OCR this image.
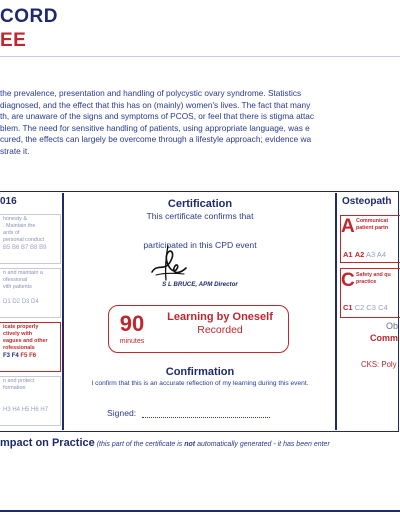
CORD
EE
the prevalence, presentation and handling of polycystic ovary syndrome. Statistics
diagnosed, and the effect that this has on (mainly) women's lives. The fact that many
th, are unaware of the signs and symptoms of PCOS, or feel that there is stigma attac
blem. The need for sensitive handling of patients, using appropriate language, was e
cured, the effects can largely be overcome through a lifestyle approach; evidence wa
strate it.
016
honesty &
. Maintain the
ards of
personal conduct
B5 B6 B7 B8 B9
n and maintain a
ofessional
vith patients
D1 D2 D3 D4
icate properly
ctively with
eagues and other
rofessionals
F3 F4 F5 F6
n and protect
formation
H3 H4 H5 H6 H7
Certification
This certificate confirms that
participated in this CPD event
S L BRUCE, APM Director
90
minutes
Learning by Oneself
Recorded
Confirmation
I confirm that this is an accurate reflection of my learning during this event.
Signed:
Osteopath
A Communicat
patient partn
A1 A2 A3 A4
C Safety and qu
practice
C1 C2 C3 C4
Ob
Comm
CKS: Poly
mpact on Practice (this part of the certificate is not automatically generated - it has been enter
